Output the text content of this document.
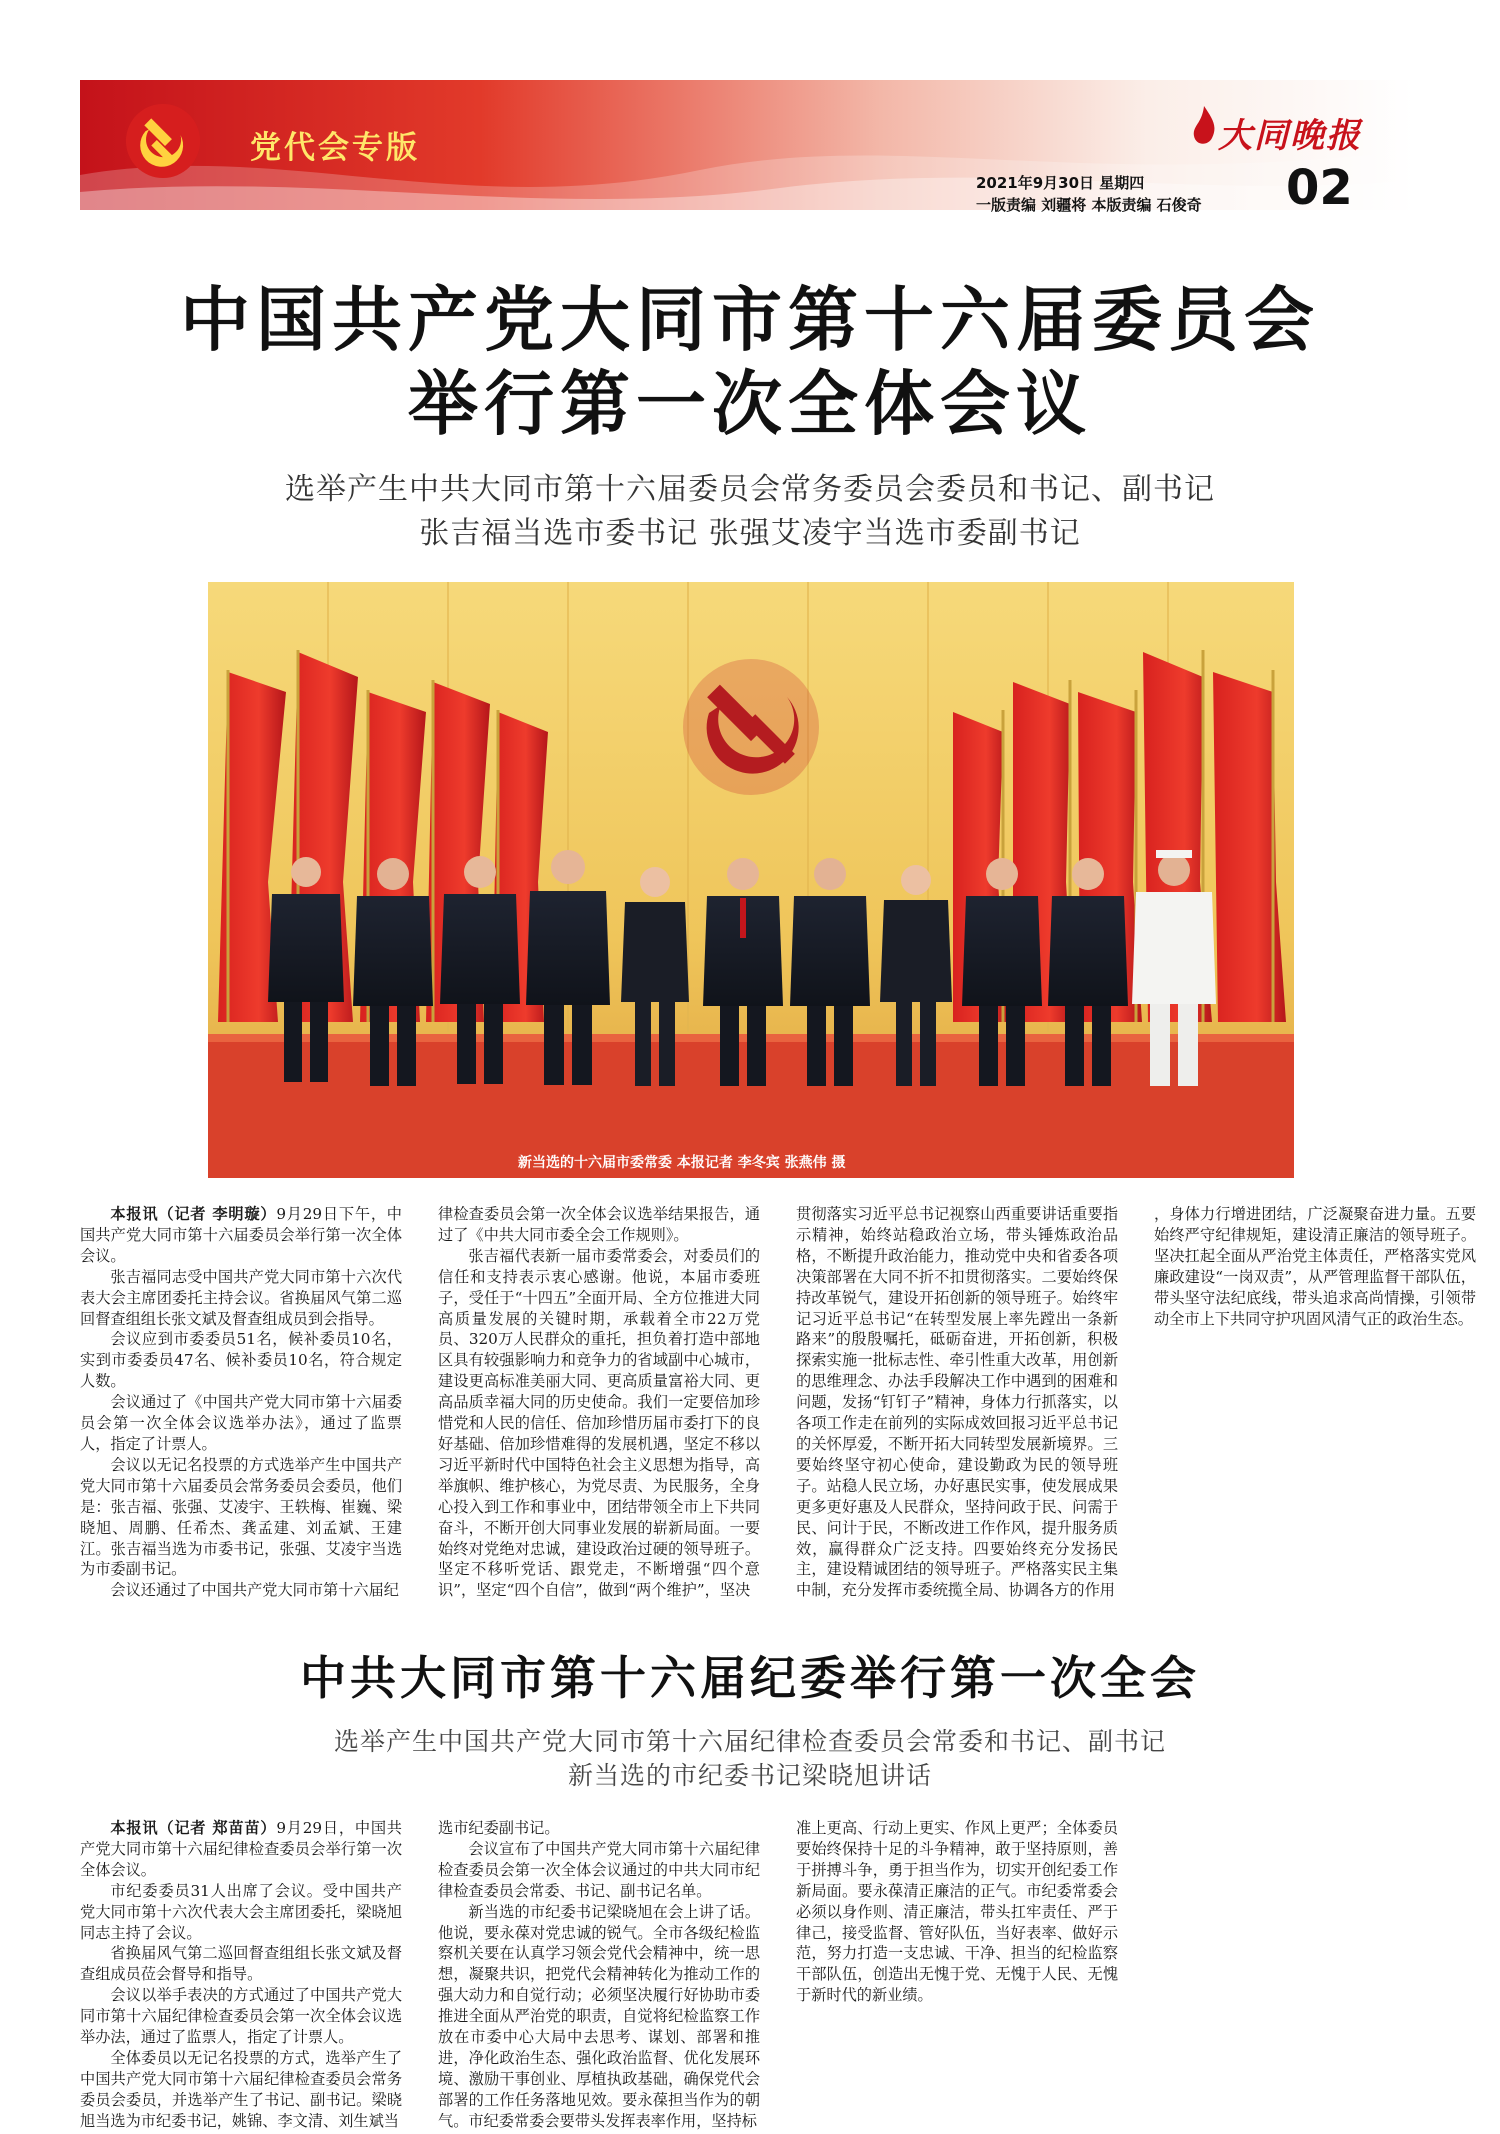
党代会专版	大同晚报
2021年9月30日 星期四
一版责编 刘疆将 本版责编 石俊奇 02
中国共产党大同市第十六届委员会
举行第一次全体会议
选举产生中共大同市第十六届委员会常务委员会委员和书记、副书记
张吉福当选市委书记 张强艾凌宇当选市委副书记
新当选的十六届市委常委 本报记者 李冬宾 张燕伟 摄

本报讯（记者 李明璇）9月29日下午，中国共产党大同市第十六届委员会举行第一次全体会议。

张吉福同志受中国共产党大同市第十六次代表大会主席团委托主持会议。省换届风气第二巡回督查组组长张文斌及督查组成员到会指导。

会议应到市委委员51名，候补委员10名，实到市委委员47名、候补委员10名，符合规定人数。

会议通过了《中国共产党大同市第十六届委员会第一次全体会议选举办法》，通过了监票人，指定了计票人。

会议以无记名投票的方式选举产生中国共产党大同市第十六届委员会常务委员会委员，他们是：张吉福、张强、艾凌宇、王轶梅、崔巍、梁晓旭、周鹏、任希杰、龚孟建、刘孟斌、王建江。张吉福当选为市委书记，张强、艾凌宇当选为市委副书记。

会议还通过了中国共产党大同市第十六届纪

律检查委员会第一次全体会议选举结果报告，通过了《中共大同市委全会工作规则》。

张吉福代表新一届市委常委会，对委员们的信任和支持表示衷心感谢。他说，本届市委班子，受任于“十四五”全面开局、全方位推进大同高质量发展的关键时期，承载着全市22万党员、320万人民群众的重托，担负着打造中部地区具有较强影响力和竞争力的省域副中心城市，建设更高标准美丽大同、更高质量富裕大同、更高品质幸福大同的历史使命。我们一定要倍加珍惜党和人民的信任、倍加珍惜历届市委打下的良好基础、倍加珍惜难得的发展机遇，坚定不移以习近平新时代中国特色社会主义思想为指导，高举旗帜、维护核心，为党尽责、为民服务，全身心投入到工作和事业中，团结带领全市上下共同奋斗，不断开创大同事业发展的崭新局面。一要始终对党绝对忠诚，建设政治过硬的领导班子。坚定不移听党话、跟党走，不断增强“四个意识”，坚定“四个自信”，做到“两个维护”，坚决

贯彻落实习近平总书记视察山西重要讲话重要指示精神，始终站稳政治立场，带头锤炼政治品格，不断提升政治能力，推动党中央和省委各项决策部署在大同不折不扣贯彻落实。二要始终保持改革锐气，建设开拓创新的领导班子。始终牢记习近平总书记“在转型发展上率先蹚出一条新路来”的殷殷嘱托，砥砺奋进，开拓创新，积极探索实施一批标志性、牵引性重大改革，用创新的思维理念、办法手段解决工作中遇到的困难和问题，发扬“钉钉子”精神，身体力行抓落实，以各项工作走在前列的实际成效回报习近平总书记的关怀厚爱，不断开拓大同转型发展新境界。三要始终坚守初心使命，建设勤政为民的领导班子。站稳人民立场，办好惠民实事，使发展成果更多更好惠及人民群众，坚持问政于民、问需于民、问计于民，不断改进工作作风，提升服务质效，赢得群众广泛支持。四要始终充分发扬民主，建设精诚团结的领导班子。严格落实民主集中制，充分发挥市委统揽全局、协调各方的作用

，身体力行增进团结，广泛凝聚奋进力量。五要始终严守纪律规矩，建设清正廉洁的领导班子。坚决扛起全面从严治党主体责任，严格落实党风廉政建设“一岗双责”，从严管理监督干部队伍，带头坚守法纪底线，带头追求高尚情操，引领带动全市上下共同守护巩固风清气正的政治生态。

中共大同市第十六届纪委举行第一次全会
选举产生中国共产党大同市第十六届纪律检查委员会常委和书记、副书记
新当选的市纪委书记梁晓旭讲话

本报讯（记者 郑苗苗）9月29日，中国共产党大同市第十六届纪律检查委员会举行第一次全体会议。

市纪委委员31人出席了会议。受中国共产党大同市第十六次代表大会主席团委托，梁晓旭同志主持了会议。

省换届风气第二巡回督查组组长张文斌及督查组成员莅会督导和指导。

会议以举手表决的方式通过了中国共产党大同市第十六届纪律检查委员会第一次全体会议选举办法，通过了监票人，指定了计票人。

全体委员以无记名投票的方式，选举产生了中国共产党大同市第十六届纪律检查委员会常务委员会委员，并选举产生了书记、副书记。梁晓旭当选为市纪委书记，姚锦、李文清、刘生斌当

选市纪委副书记。

会议宣布了中国共产党大同市第十六届纪律检查委员会第一次全体会议通过的中共大同市纪律检查委员会常委、书记、副书记名单。

新当选的市纪委书记梁晓旭在会上讲了话。他说，要永葆对党忠诚的锐气。全市各级纪检监察机关要在认真学习领会党代会精神中，统一思想，凝聚共识，把党代会精神转化为推动工作的强大动力和自觉行动；必须坚决履行好协助市委推进全面从严治党的职责，自觉将纪检监察工作放在市委中心大局中去思考、谋划、部署和推进，净化政治生态、强化政治监督、优化发展环境、激励干事创业、厚植执政基础，确保党代会部署的工作任务落地见效。要永葆担当作为的朝气。市纪委常委会要带头发挥表率作用，坚持标

准上更高、行动上更实、作风上更严；全体委员要始终保持十足的斗争精神，敢于坚持原则，善于拼搏斗争，勇于担当作为，切实开创纪委工作新局面。要永葆清正廉洁的正气。市纪委常委会必须以身作则、清正廉洁，带头扛牢责任、严于律己，接受监督、管好队伍，当好表率、做好示范，努力打造一支忠诚、干净、担当的纪检监察干部队伍，创造出无愧于党、无愧于人民、无愧于新时代的新业绩。
